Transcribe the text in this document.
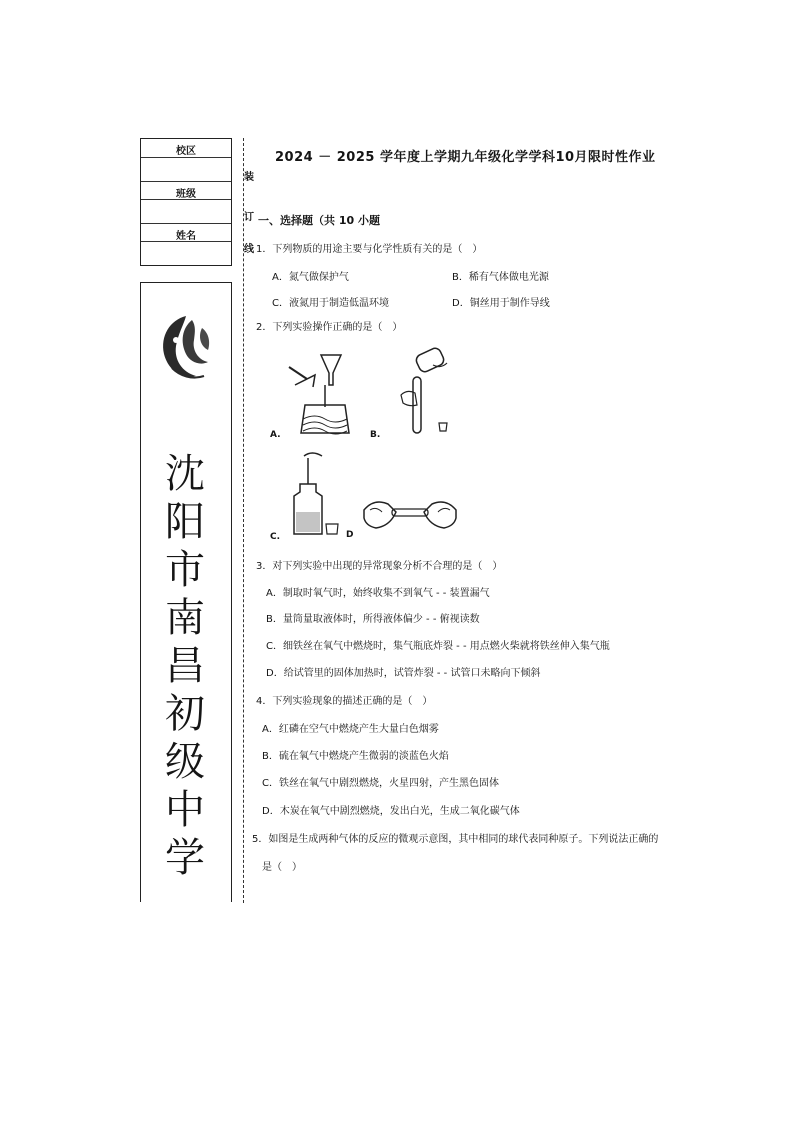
校区
班级
姓名
沈
阳
市
南
昌
初
级
中
学
装
订
线
2024 － 2025 学年度上学期九年级化学学科10月限时性作业
一、选择题（共 10 小题
1．下列物质的用途主要与化学性质有关的是（　）
A．氮气做保护气	B．稀有气体做电光源
C．液氮用于制造低温环境	D．铜丝用于制作导线
2．下列实验操作正确的是（　）
A.	B.
C.	D
3．对下列实验中出现的异常现象分析不合理的是（　）
A．制取时氧气时，始终收集不到氧气 - - 装置漏气
B．量筒量取液体时，所得液体偏少 - - 俯视读数
C．细铁丝在氧气中燃烧时，集气瓶底炸裂 - - 用点燃火柴就将铁丝伸入集气瓶
D．给试管里的固体加热时，试管炸裂 - - 试管口未略向下倾斜
4．下列实验现象的描述正确的是（　）
A．红磷在空气中燃烧产生大量白色烟雾
B．硫在氧气中燃烧产生微弱的淡蓝色火焰
C．铁丝在氧气中剧烈燃烧，火星四射，产生黑色固体
D．木炭在氧气中剧烈燃烧，发出白光，生成二氧化碳气体
5．如图是生成两种气体的反应的微观示意图，其中相同的球代表同种原子。下列说法正确的
是（　）
